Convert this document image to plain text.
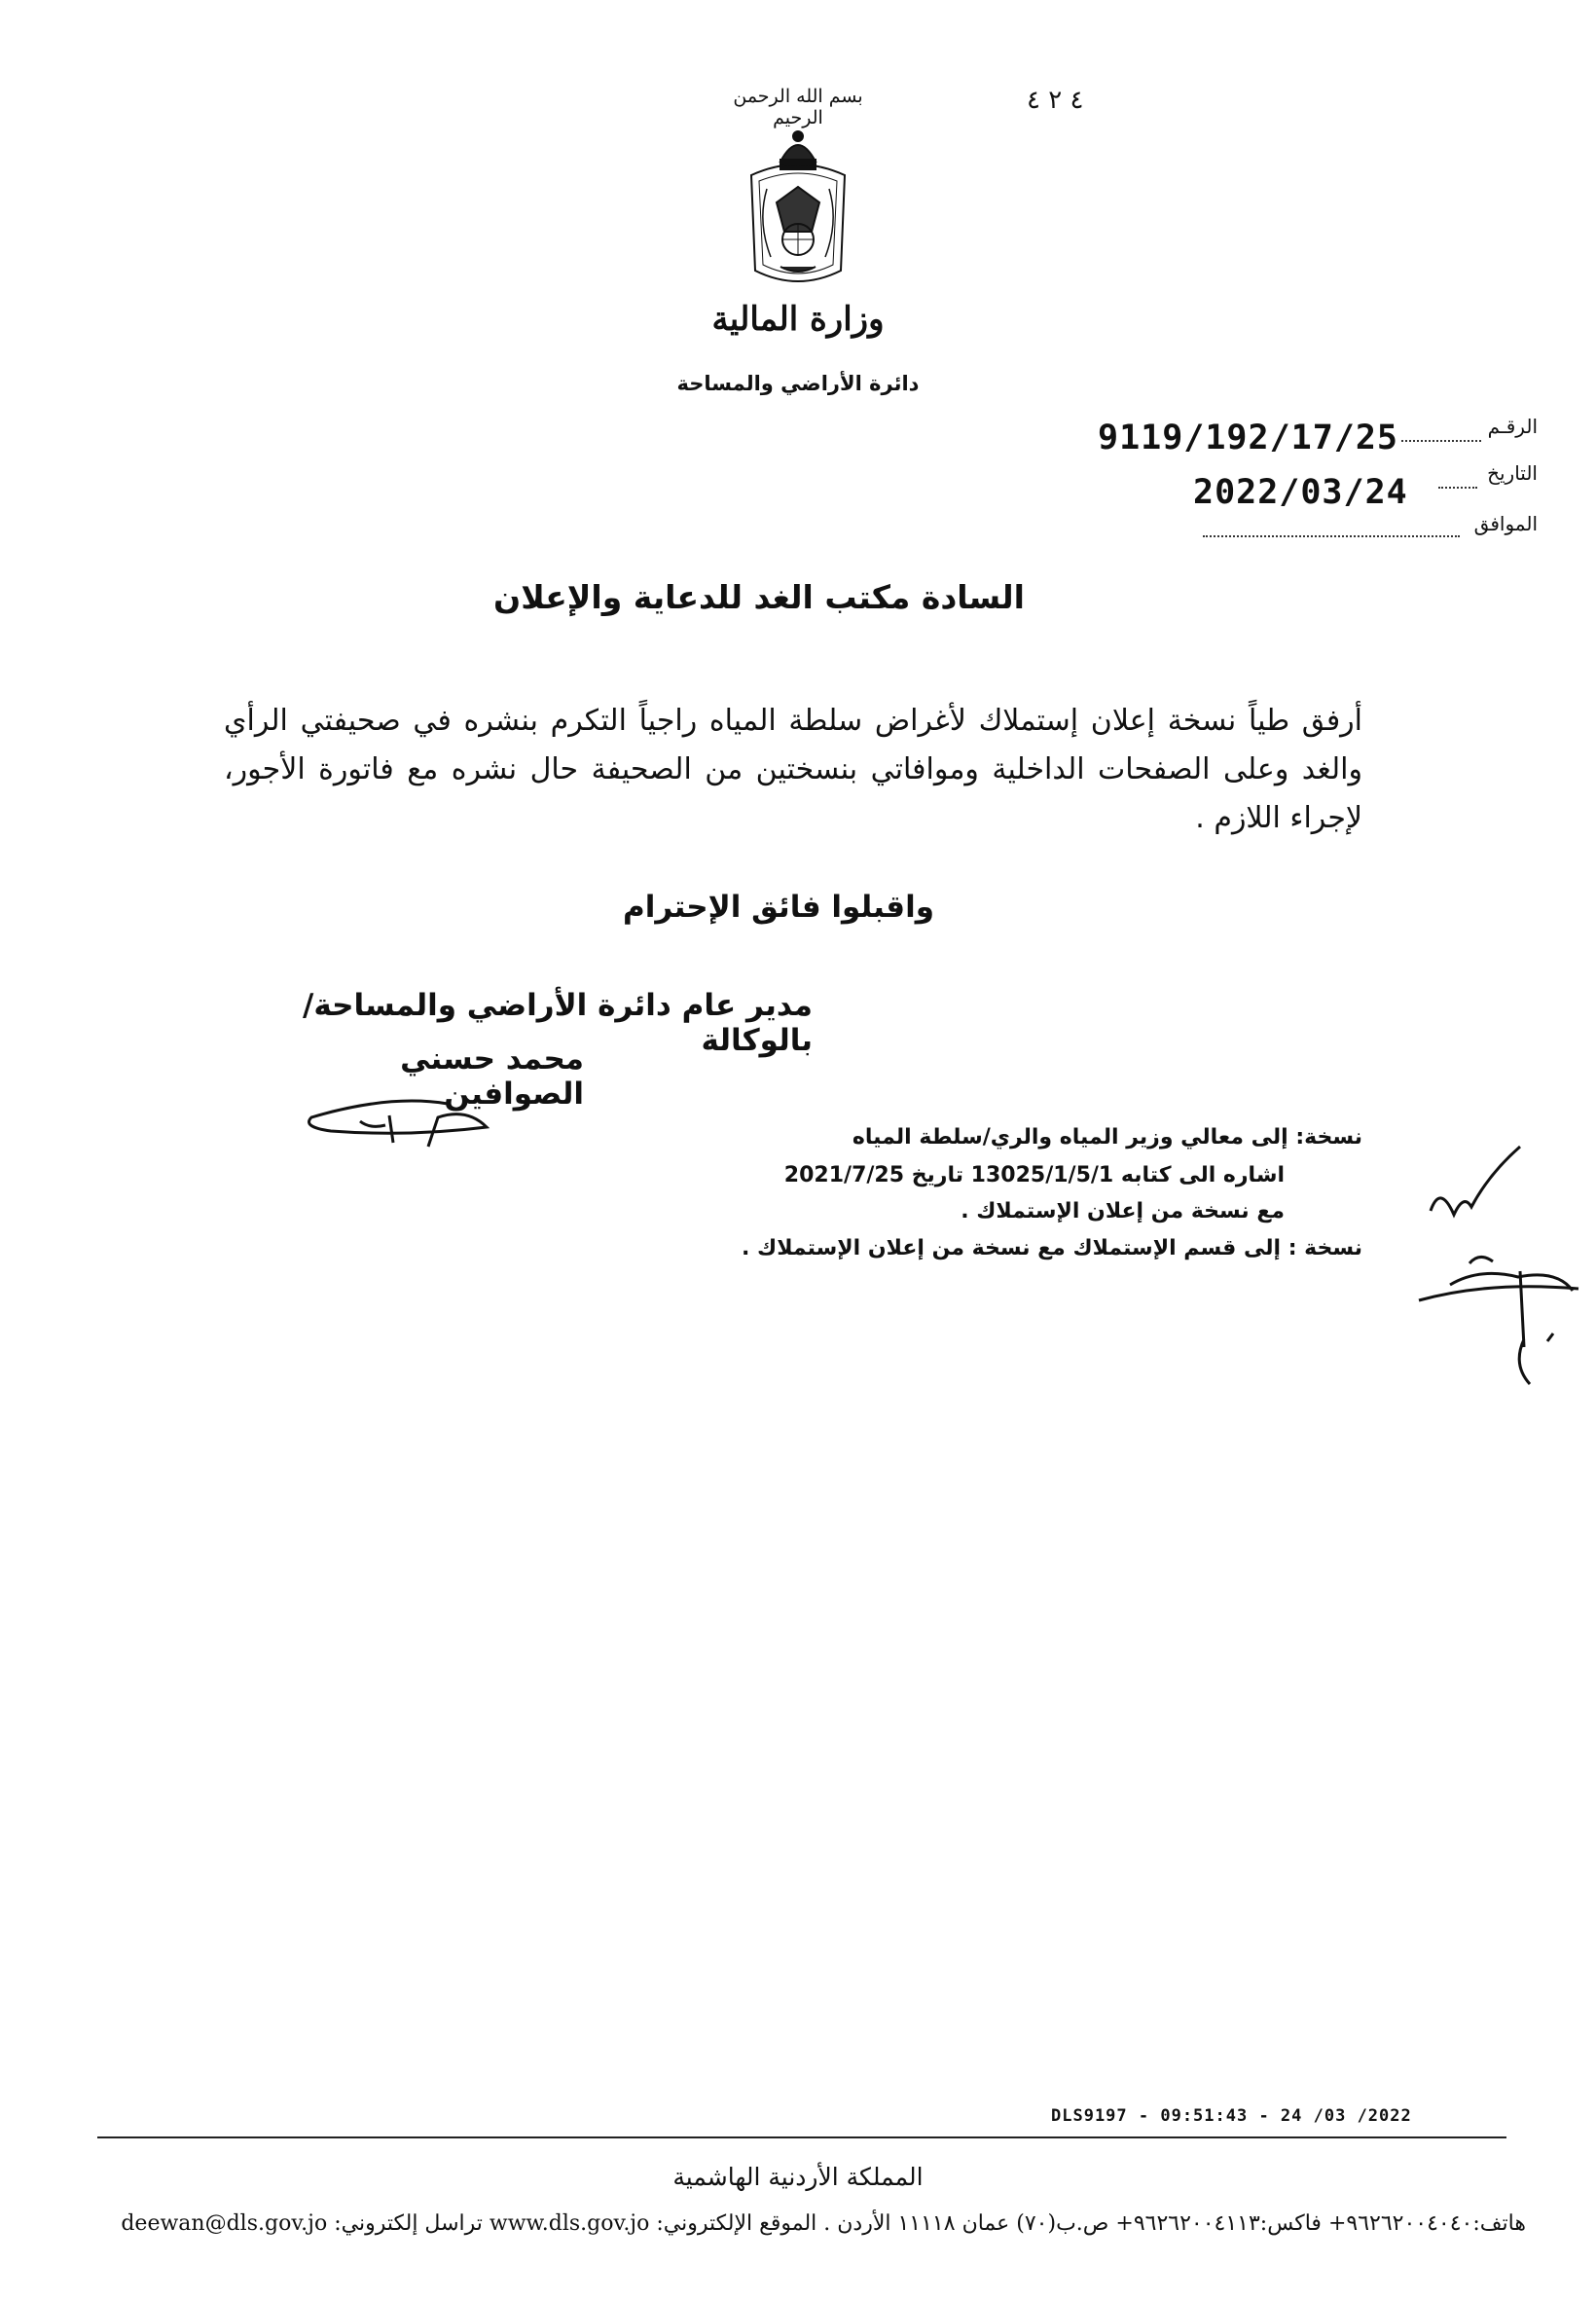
بسم الله الرحمن الرحيم
وزارة المالية
دائرة الأراضي والمساحة
٤ ٢ ٤
الرقـم
9119/192/17/25
التاريخ
2022/03/24
الموافق
السادة مكتب الغد للدعاية والإعلان
أرفق طياً نسخة إعلان إستملاك لأغراض سلطة المياه راجياً التكرم بنشره في صحيفتي الرأي والغد وعلى الصفحات الداخلية وموافاتي بنسختين من الصحيفة حال نشره مع فاتورة الأجور، لإجراء اللازم .
واقبلوا فائق الإحترام
مدير عام دائرة الأراضي والمساحة/بالوكالة
محمد حسني الصوافين
نسخة: إلى معالي وزير المياه والري/سلطة المياه
اشاره الى كتابه 13025/1/5/1 تاريخ 2021/7/25
مع نسخة من إعلان الإستملاك .
نسخة : إلى قسم الإستملاك مع نسخة من إعلان الإستملاك .
DLS9197 - 09:51:43 - 24 /03 /2022
المملكة الأردنية الهاشمية
هاتف:٩٦٢٦٢٠٠٤٠٤٠+ فاكس:٩٦٢٦٢٠٠٤١١٣+ ص.ب(٧٠) عمان ١١١١٨ الأردن . الموقع الإلكتروني: www.dls.gov.jo تراسل إلكتروني: deewan@dls.gov.jo
